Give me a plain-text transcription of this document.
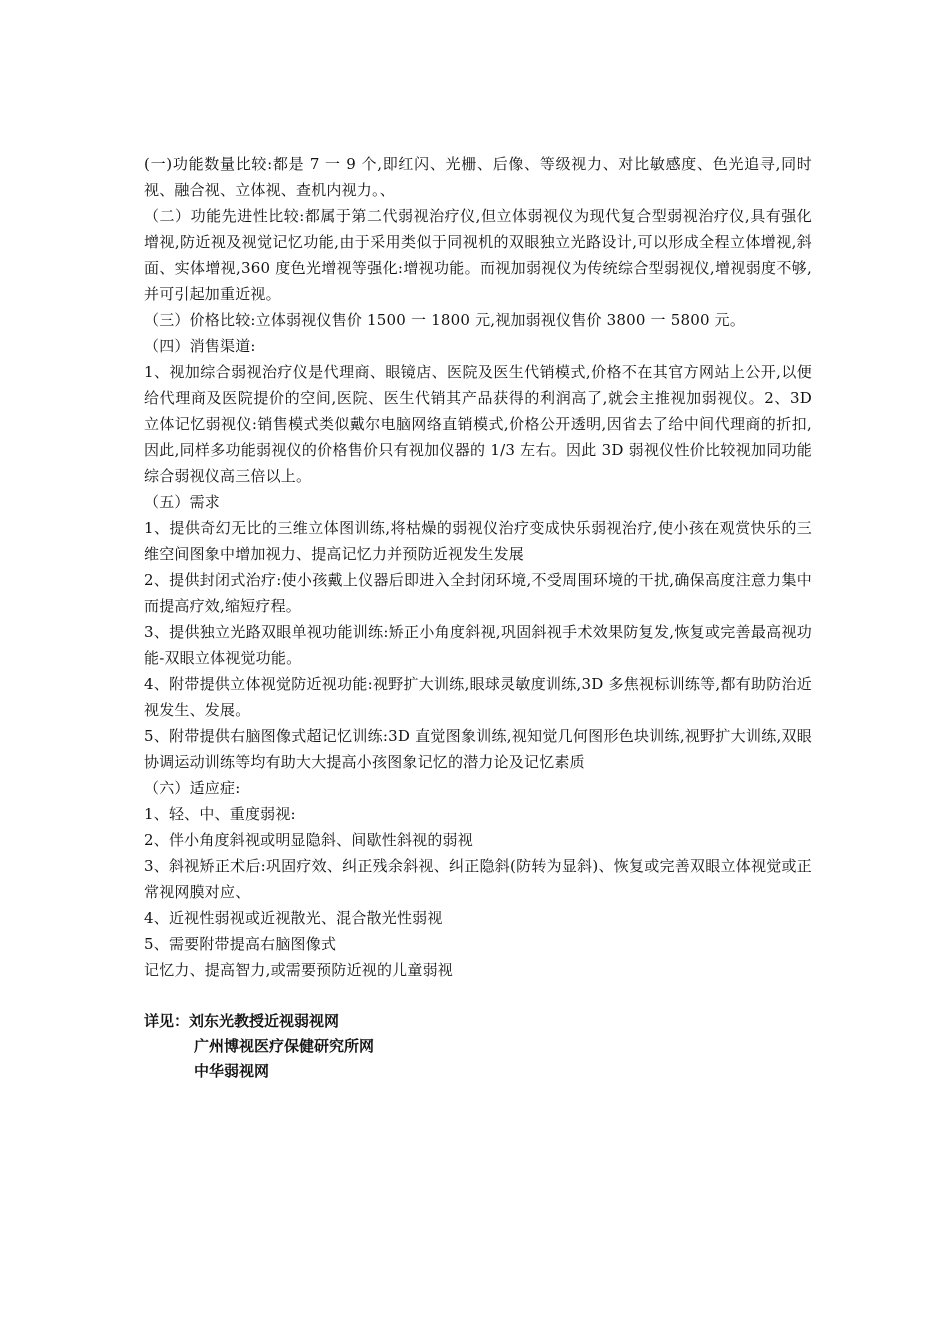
(一)功能数量比较:都是 7 一 9 个,即红闪、光栅、后像、等级视力、对比敏感度、色光追寻,同时视、融合视、立体视、查机内视力。、

（二）功能先进性比较:都属于第二代弱视治疗仪,但立体弱视仪为现代复合型弱视治疗仪,具有强化增视,防近视及视觉记忆功能,由于采用类似于同视机的双眼独立光路设计,可以形成全程立体增视,斜面、实体增视,360 度色光增视等强化:增视功能。而视加弱视仪为传统综合型弱视仪,增视弱度不够,并可引起加重近视。

（三）价格比较:立体弱视仪售价 1500 一 1800 元,视加弱视仪售价 3800 一 5800 元。

（四）消售渠道:

1、视加综合弱视治疗仪是代理商、眼镜店、医院及医生代销模式,价格不在其官方网站上公开,以便给代理商及医院提价的空间,医院、医生代销其产品获得的利润高了,就会主推视加弱视仪。2、3D 立体记忆弱视仪:销售模式类似戴尔电脑网络直销模式,价格公开透明,因省去了给中间代理商的折扣,因此,同样多功能弱视仪的价格售价只有视加仪器的 1/3 左右。因此 3D 弱视仪性价比较视加同功能综合弱视仪高三倍以上。

（五）需求

1、提供奇幻无比的三维立体图训练,将枯燥的弱视仪治疗变成快乐弱视治疗,使小孩在观赏快乐的三维空间图象中增加视力、提高记忆力并预防近视发生发展

2、提供封闭式治疗:使小孩戴上仪器后即进入全封闭环境,不受周围环境的干扰,确保高度注意力集中而提高疗效,缩短疗程。

3、提供独立光路双眼单视功能训练:矫正小角度斜视,巩固斜视手术效果防复发,恢复或完善最高视功能-双眼立体视觉功能。

4、附带提供立体视觉防近视功能:视野扩大训练,眼球灵敏度训练,3D 多焦视标训练等,都有助防治近视发生、发展。

5、附带提供右脑图像式超记忆训练:3D 直觉图象训练,视知觉几何图形色块训练,视野扩大训练,双眼协调运动训练等均有助大大提高小孩图象记忆的潜力论及记忆素质

（六）适应症:

1、轻、中、重度弱视:

2、伴小角度斜视或明显隐斜、间歇性斜视的弱视

3、斜视矫正术后:巩固疗效、纠正残余斜视、纠正隐斜(防转为显斜)、恢复或完善双眼立体视觉或正常视网膜对应、

4、近视性弱视或近视散光、混合散光性弱视

5、需要附带提高右脑图像式

记忆力、提高智力,或需要预防近视的儿童弱视

详见：刘东光教授近视弱视网

广州博视医疗保健研究所网

中华弱视网
